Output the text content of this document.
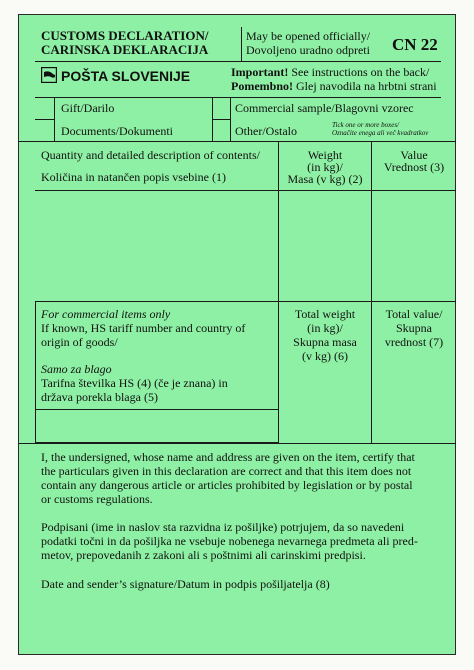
CUSTOMS DECLARATION/
CARINSKA DEKLARACIJA
May be opened officially/
Dovoljeno uradno odpreti CN 22
POŠTA SLOVENIJE	Important! See instructions on the back/
Pomembno! Glej navodila na hrbtni strani
Gift/Darilo
Documents/Dokumenti
Commercial sample/Blagovni vzorec
Other/Ostalo	Tick one or more boxes/
Označite enega ali več kvadratkov
Quantity and detailed description of contents/
Količina in natančen popis vsebine (1)
Weight
(in kg)/
Masa (v kg) (2)
Value
Vrednost (3)
For commercial items only
If known, HS tariff number and country of
origin of goods/
Samo za blago
Tarifna številka HS (4) (če je znana) in
država porekla blaga (5)
Total weight
(in kg)/
Skupna masa
(v kg) (6)
Total value/
Skupna
vrednost (7)
I, the undersigned, whose name and address are given on the item, certify that
the particulars given in this declaration are correct and that this item does not
contain any dangerous article or articles prohibited by legislation or by postal
or customs regulations.
Podpisani (ime in naslov sta razvidna iz pošiljke) potrjujem, da so navedeni
podatki točni in da pošiljka ne vsebuje nobenega nevarnega predmeta ali pred-
metov, prepovedanih z zakoni ali s poštnimi ali carinskimi predpisi.
Date and sender’s signature/Datum in podpis pošiljatelja (8)
